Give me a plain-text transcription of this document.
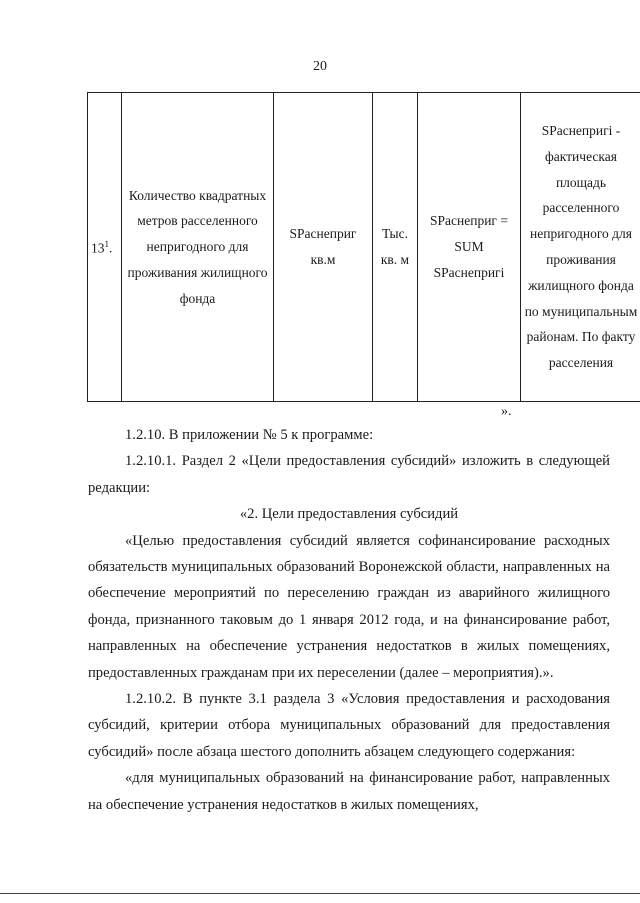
20
$13^1$.	Количество квадратных метров расселенного непригодного для проживания жилищного фонда	SРаснеприг кв.м	Тыс. кв. м	SРаснеприг = SUM SРаснепригi	SРаснепригi - фактическая площадь расселенного непригодного для проживания жилищного фонда по муниципальным районам. По факту расселения
».

1.2.10. В приложении № 5 к программе:

1.2.10.1. Раздел 2 «Цели предоставления субсидий» изложить в следующей редакции:

«2. Цели предоставления субсидий

«Целью предоставления субсидий является софинансирование расходных обязательств муниципальных образований Воронежской области, направленных на обеспечение мероприятий по переселению граждан из аварийного жилищного фонда, признанного таковым до 1 января 2012 года, и на финансирование работ, направленных на обеспечение устранения недостатков в жилых помещениях, предоставленных гражданам при их переселении (далее – мероприятия).».

1.2.10.2. В пункте 3.1 раздела 3 «Условия предоставления и расходования субсидий, критерии отбора муниципальных образований для предоставления субсидий» после абзаца шестого дополнить абзацем следующего содержания:

«для муниципальных образований на финансирование работ, направленных на обеспечение устранения недостатков в жилых помещениях,
